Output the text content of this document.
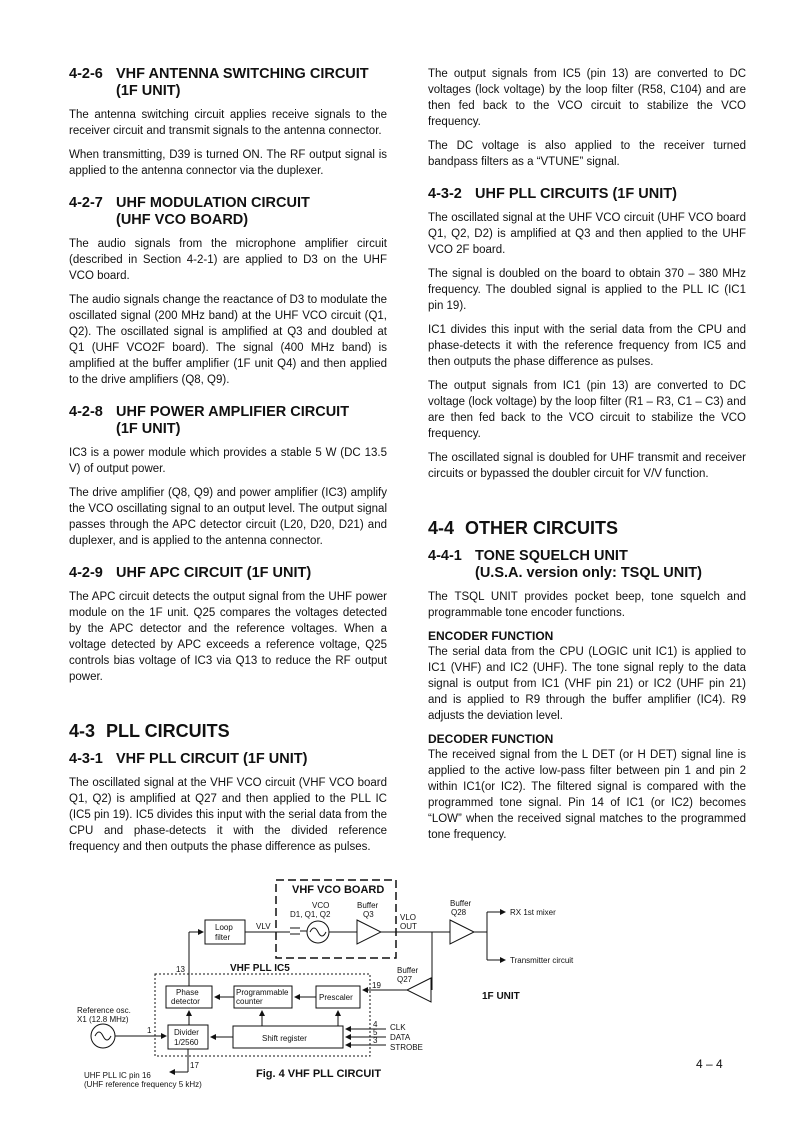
4-2-6 VHF ANTENNA SWITCHING CIRCUIT
(1F UNIT)

The antenna switching circuit applies receive signals to the receiver circuit and transmit signals to the antenna connector.

When transmitting, D39 is turned ON. The RF output signal is applied to the antenna connector via the duplexer.

4-2-7 UHF MODULATION CIRCUIT
(UHF VCO BOARD)

The audio signals from the microphone amplifier circuit (described in Section 4-2-1) are applied to D3 on the UHF VCO board.

The audio signals change the reactance of D3 to modulate the oscillated signal (200 MHz band) at the UHF VCO circuit (Q1, Q2). The oscillated signal is amplified at Q3 and doubled at Q1 (UHF VCO2F board). The signal (400 MHz band) is amplified at the buffer amplifier (1F unit Q4) and then applied to the drive amplifiers (Q8, Q9).

4-2-8 UHF POWER AMPLIFIER CIRCUIT
(1F UNIT)

IC3 is a power module which provides a stable 5 W (DC 13.5 V) of output power.

The drive amplifier (Q8, Q9) and power amplifier (IC3) amplify the VCO oscillating signal to an output level. The output signal passes through the APC detector circuit (L20, D20, D21) and duplexer, and is applied to the antenna connector.

4-2-9 UHF APC CIRCUIT (1F UNIT)

The APC circuit detects the output signal from the UHF power module on the 1F unit. Q25 compares the voltages detected by the APC detector and the reference voltages. When a voltage detected by APC exceeds a reference voltage, Q25 controls bias voltage of IC3 via Q13 to reduce the RF output power.

4-3 PLL CIRCUITS
4-3-1 VHF PLL CIRCUIT (1F UNIT)

The oscillated signal at the VHF VCO circuit (VHF VCO board Q1, Q2) is amplified at Q27 and then applied to the PLL IC (IC5 pin 19). IC5 divides this input with the serial data from the CPU and phase-detects it with the divided reference frequency and then outputs the phase difference as pulses.

The output signals from IC5 (pin 13) are converted to DC voltages (lock voltage) by the loop filter (R58, C104) and are then fed back to the VCO circuit to stabilize the VCO frequency.

The DC voltage is also applied to the receiver turned bandpass filters as a “VTUNE” signal.

4-3-2 UHF PLL CIRCUITS (1F UNIT)

The oscillated signal at the UHF VCO circuit (UHF VCO board Q1, Q2, D2) is amplified at Q3 and then applied to the UHF VCO 2F board.

The signal is doubled on the board to obtain 370 – 380 MHz frequency. The doubled signal is applied to the PLL IC (IC1 pin 19).

IC1 divides this input with the serial data from the CPU and phase-detects it with the reference frequency from IC5 and then outputs the phase difference as pulses.

The output signals from IC1 (pin 13) are converted to DC voltage (lock voltage) by the loop filter (R1 – R3, C1 – C3) and are then fed back to the VCO circuit to stabilize the VCO frequency.

The oscillated signal is doubled for UHF transmit and receiver circuits or bypassed the doubler circuit for V/V function.

4-4 OTHER CIRCUITS
4-4-1 TONE SQUELCH UNIT
(U.S.A. version only: TSQL UNIT)

The TSQL UNIT provides pocket beep, tone squelch and programmable tone encoder functions.

ENCODER FUNCTION

The serial data from the CPU (LOGIC unit IC1) is applied to IC1 (VHF) and IC2 (UHF). The tone signal reply to the data signal is output from IC1 (VHF pin 21) or IC2 (UHF pin 21) and is applied to R9 through the buffer amplifier (IC4). R9 adjusts the deviation level.

DECODER FUNCTION

The received signal from the L DET (or H DET) signal line is applied to the active low-pass filter between pin 1 and pin 2 within IC1(or IC2). The filtered signal is compared with the programmed tone signal. Pin 14 of IC1 (or IC2) becomes “LOW” when the received signal matches to the programmed tone frequency.

VHF VCO BOARD
VCO
D1, Q1, Q2
Buffer
Q3	VLO
OUT
Buffer
Q28	RX 1st mixer
Transmitter circuit
Loop
filter
VLV
VHF PLL IC5
13
19
1
17
4
5
3
Phase
detector
Programmable
counter	Prescaler
Buffer
Q27
1F UNIT
Reference osc.
X1 (12.8 MHz)
Divider
1/2560	Shift register
CLK
DATA
STROBE
UHF PLL IC pin 16
(UHF reference frequency 5 kHz)
Fig. 4 VHF PLL CIRCUIT
4 – 4
